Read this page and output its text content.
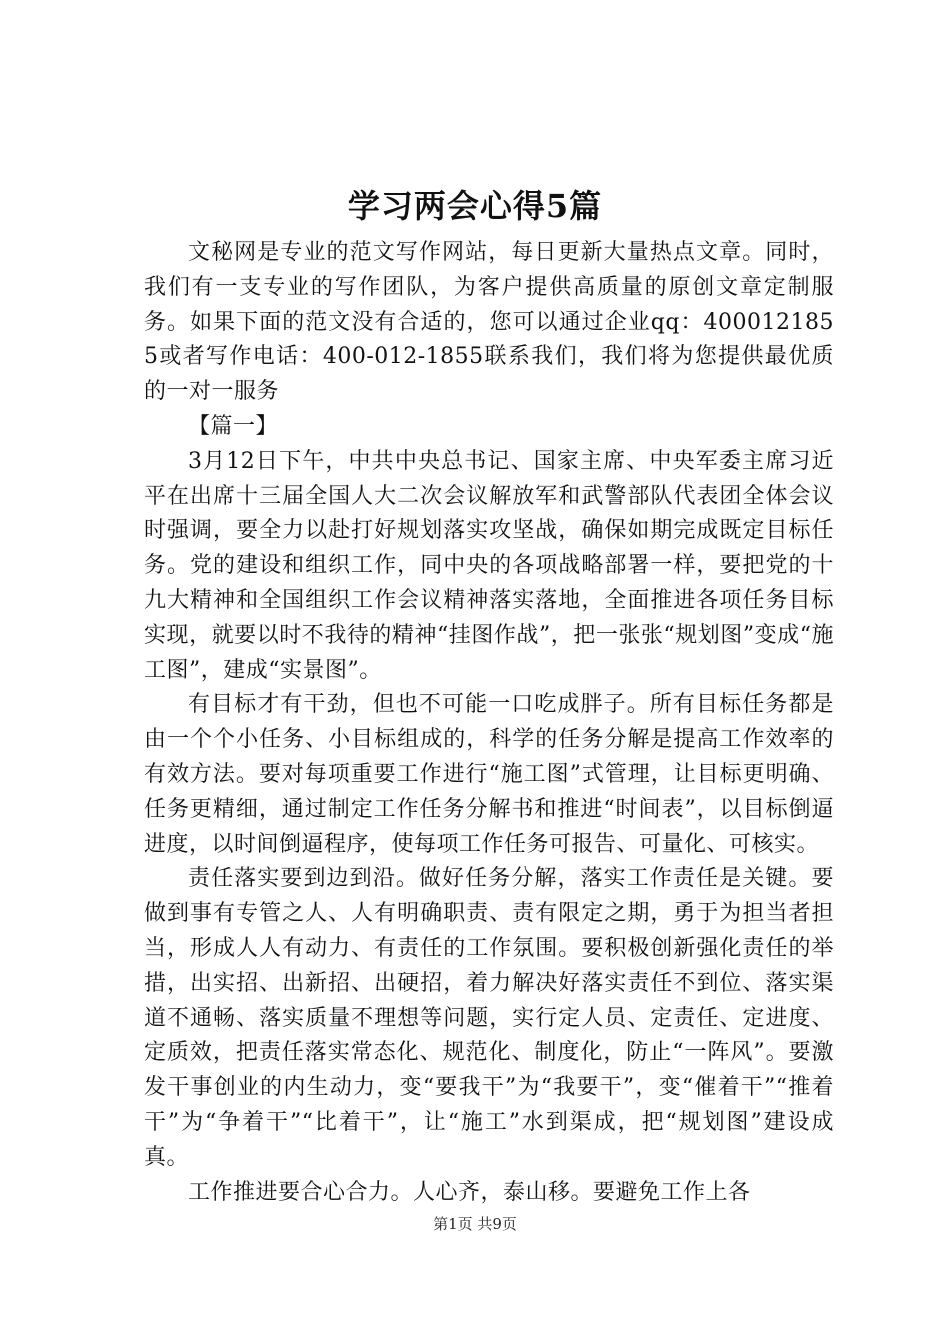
学习两会心得5篇

文秘网是专业的范文写作网站，每日更新大量热点文章。同时，我们有一支专业的写作团队，为客户提供高质量的原创文章定制服务。如果下面的范文没有合适的，您可以通过企业qq：4000121855或者写作电话：400-012-1855联系我们，我们将为您提供最优质的一对一服务

【篇一】

3月12日下午，中共中央总书记、国家主席、中央军委主席习近平在出席十三届全国人大二次会议解放军和武警部队代表团全体会议时强调，要全力以赴打好规划落实攻坚战，确保如期完成既定目标任务。党的建设和组织工作，同中央的各项战略部署一样，要把党的十九大精神和全国组织工作会议精神落实落地，全面推进各项任务目标实现，就要以时不我待的精神“挂图作战”，把一张张“规划图”变成“施工图”，建成“实景图”。

有目标才有干劲，但也不可能一口吃成胖子。所有目标任务都是由一个个小任务、小目标组成的，科学的任务分解是提高工作效率的有效方法。要对每项重要工作进行“施工图”式管理，让目标更明确、任务更精细，通过制定工作任务分解书和推进“时间表”，以目标倒逼进度，以时间倒逼程序，使每项工作任务可报告、可量化、可核实。

责任落实要到边到沿。做好任务分解，落实工作责任是关键。要做到事有专管之人、人有明确职责、责有限定之期，勇于为担当者担当，形成人人有动力、有责任的工作氛围。要积极创新强化责任的举措，出实招、出新招、出硬招，着力解决好落实责任不到位、落实渠道不通畅、落实质量不理想等问题，实行定人员、定责任、定进度、定质效，把责任落实常态化、规范化、制度化，防止“一阵风”。要激发干事创业的内生动力，变“要我干”为“我要干”，变“催着干”“推着干”为“争着干”“比着干”，让“施工”水到渠成，把“规划图”建设成真。

工作推进要合心合力。人心齐，泰山移。要避免工作上各

第1页 共9页
